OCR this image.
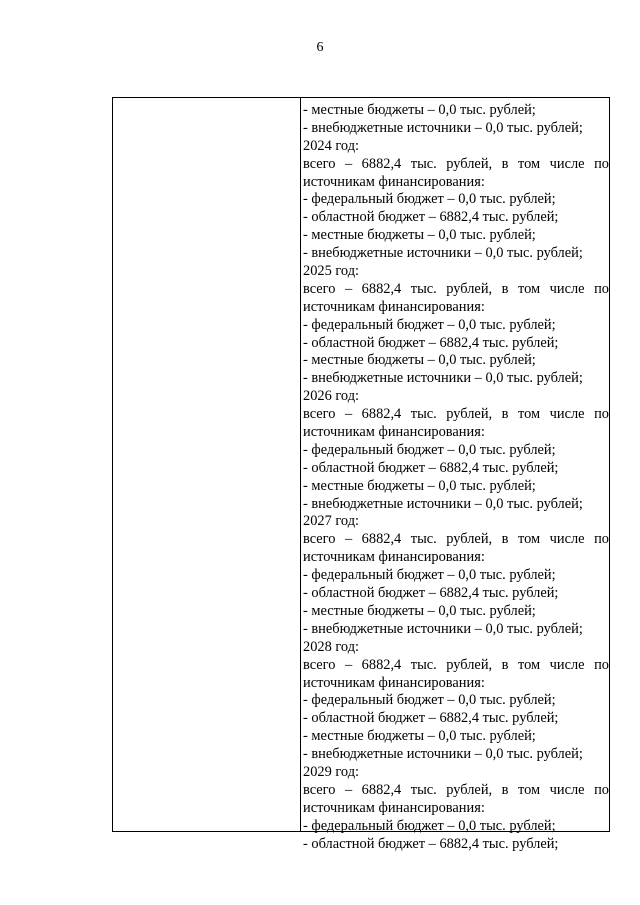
6
- местные бюджеты – 0,0 тыс. рублей;
- внебюджетные источники – 0,0 тыс. рублей;
2024 год:
всего – 6882,4 тыс. рублей, в том числе по
источникам финансирования:
- федеральный бюджет – 0,0 тыс. рублей;
- областной бюджет – 6882,4 тыс. рублей;
- местные бюджеты – 0,0 тыс. рублей;
- внебюджетные источники – 0,0 тыс. рублей;
2025 год:
всего – 6882,4 тыс. рублей, в том числе по
источникам финансирования:
- федеральный бюджет – 0,0 тыс. рублей;
- областной бюджет – 6882,4 тыс. рублей;
- местные бюджеты – 0,0 тыс. рублей;
- внебюджетные источники – 0,0 тыс. рублей;
2026 год:
всего – 6882,4 тыс. рублей, в том числе по
источникам финансирования:
- федеральный бюджет – 0,0 тыс. рублей;
- областной бюджет – 6882,4 тыс. рублей;
- местные бюджеты – 0,0 тыс. рублей;
- внебюджетные источники – 0,0 тыс. рублей;
2027 год:
всего – 6882,4 тыс. рублей, в том числе по
источникам финансирования:
- федеральный бюджет – 0,0 тыс. рублей;
- областной бюджет – 6882,4 тыс. рублей;
- местные бюджеты – 0,0 тыс. рублей;
- внебюджетные источники – 0,0 тыс. рублей;
2028 год:
всего – 6882,4 тыс. рублей, в том числе по
источникам финансирования:
- федеральный бюджет – 0,0 тыс. рублей;
- областной бюджет – 6882,4 тыс. рублей;
- местные бюджеты – 0,0 тыс. рублей;
- внебюджетные источники – 0,0 тыс. рублей;
2029 год:
всего – 6882,4 тыс. рублей, в том числе по
источникам финансирования:
- федеральный бюджет – 0,0 тыс. рублей;
- областной бюджет – 6882,4 тыс. рублей;
